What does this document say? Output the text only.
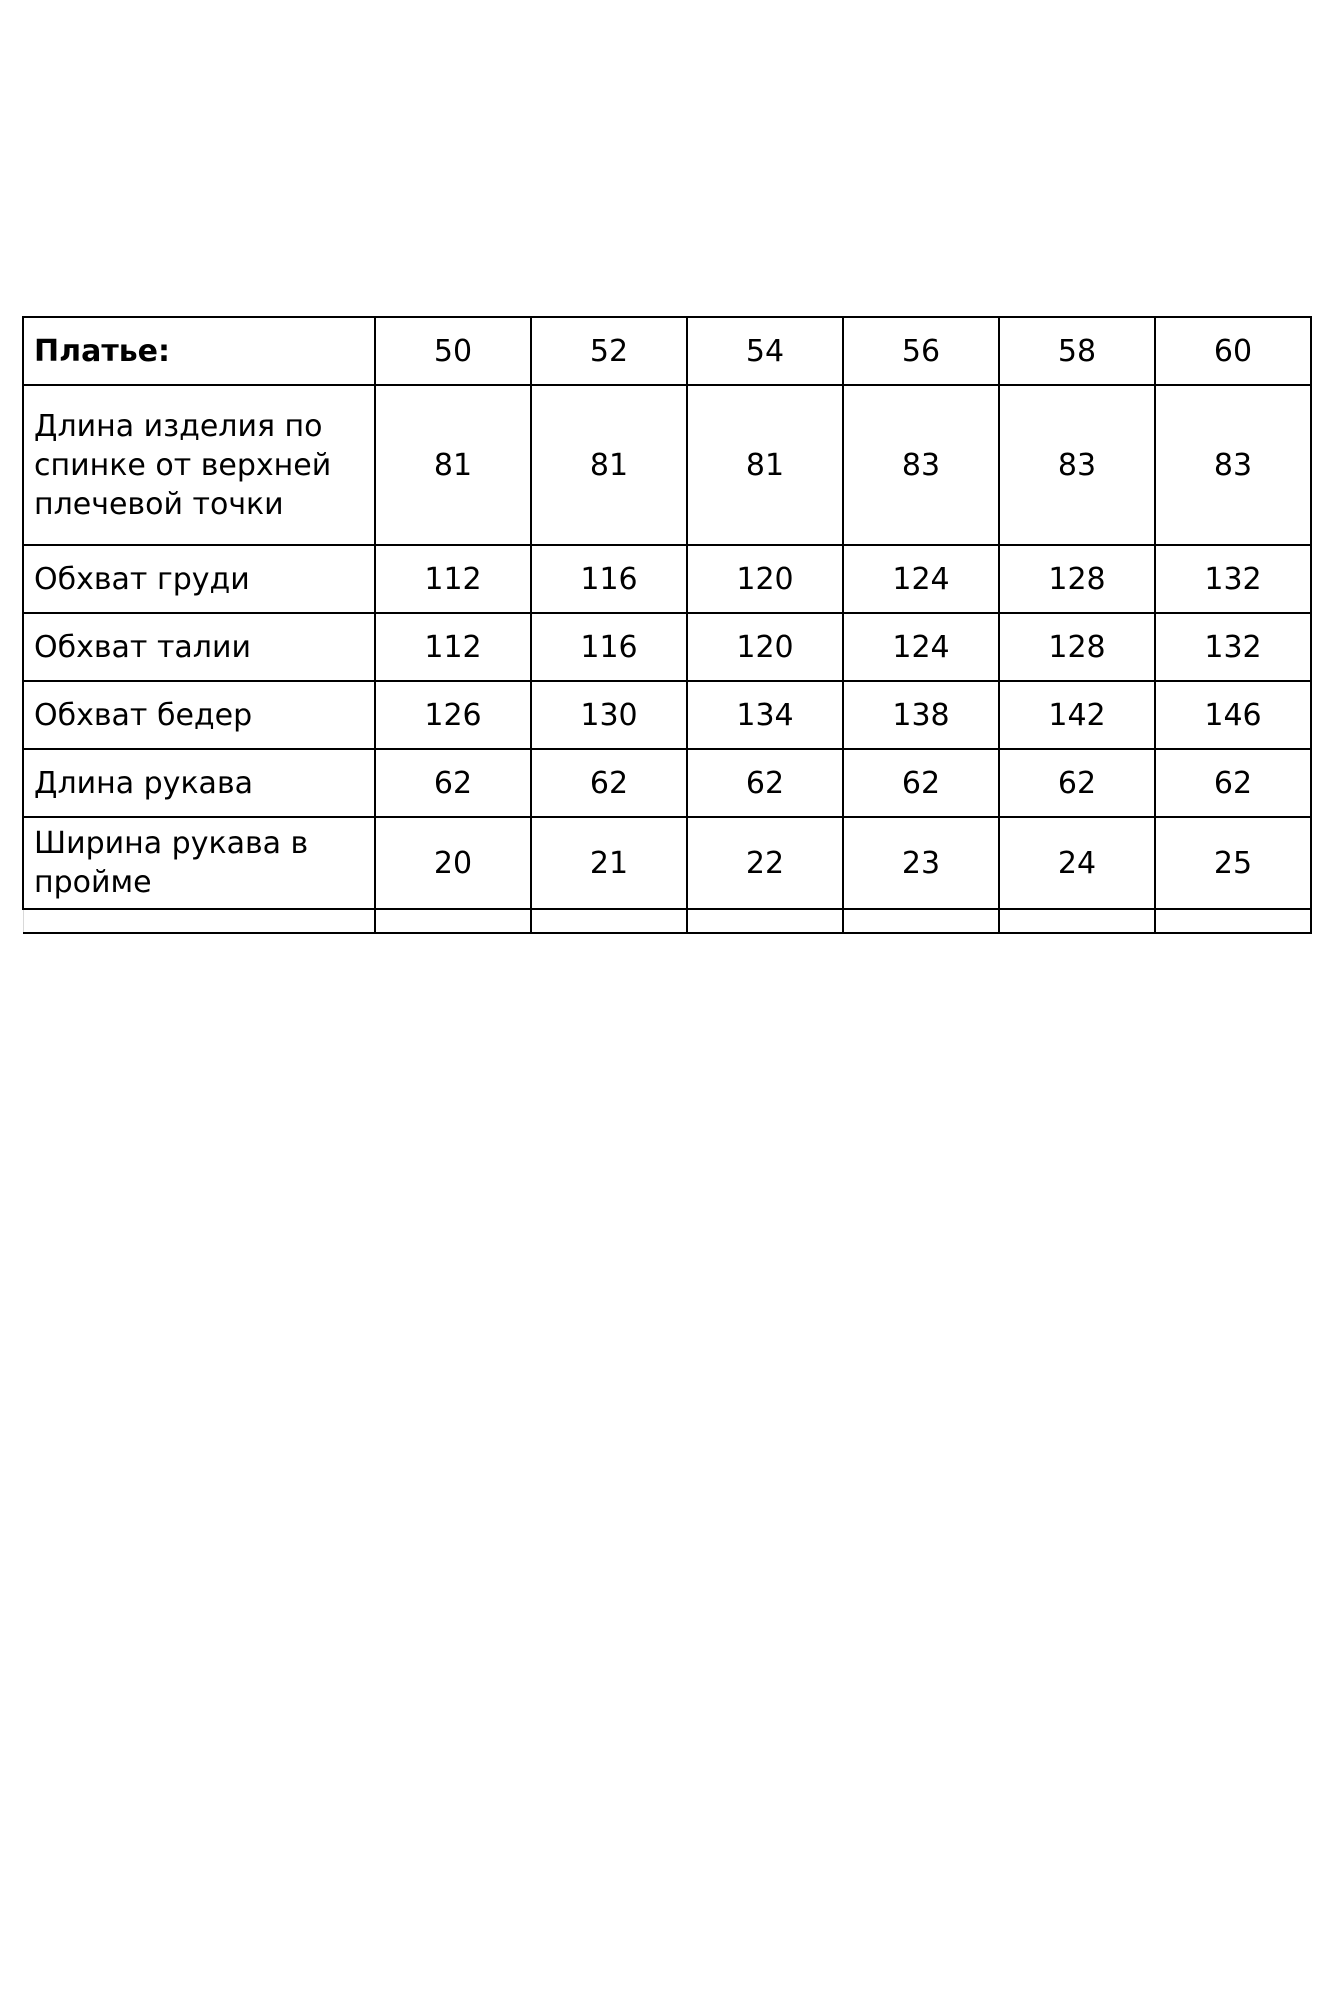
Платье:	50	52	54	56	58	60
Длина изделия по спинке от верхней плечевой точки	81	81	81	83	83	83
Обхват груди	112	116	120	124	128	132
Обхват талии	112	116	120	124	128	132
Обхват бедер	126	130	134	138	142	146
Длина рукава	62	62	62	62	62	62
Ширина рукава в пройме	20	21	22	23	24	25
